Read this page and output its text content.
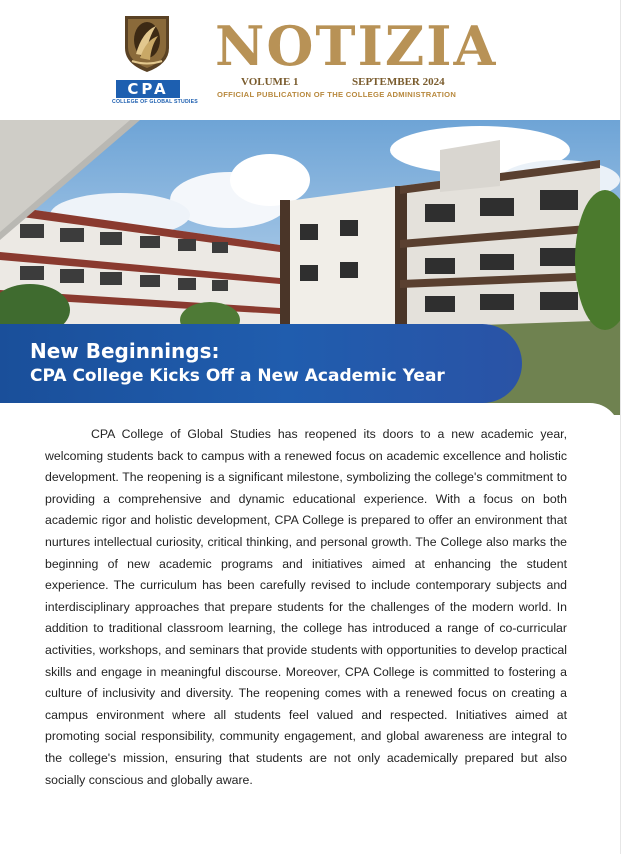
CPA
COLLEGE OF GLOBAL STUDIES
NOTIZIA
VOLUME 1	SEPTEMBER 2024
OFFICIAL PUBLICATION OF THE COLLEGE ADMINISTRATION
New Beginnings:
CPA College Kicks Off a New Academic Year

CPA College of Global Studies has reopened its doors to a new academic year, welcoming students back to campus with a renewed focus on academic excellence and holistic development. The reopening is a significant milestone, symbolizing the college's commitment to providing a comprehensive and dynamic educational experience. With a focus on both academic rigor and holistic development, CPA College is prepared to offer an environment that nurtures intellectual curiosity, critical thinking, and personal growth. The College also marks the beginning of new academic programs and initiatives aimed at enhancing the student experience. The curriculum has been carefully revised to include contemporary subjects and interdisciplinary approaches that prepare students for the challenges of the modern world. In addition to traditional classroom learning, the college has introduced a range of co-curricular activities, workshops, and seminars that provide students with opportunities to develop practical skills and engage in meaningful discourse. Moreover, CPA College is committed to fostering a culture of inclusivity and diversity. The reopening comes with a renewed focus on creating a campus environment where all students feel valued and respected. Initiatives aimed at promoting social responsibility, community engagement, and global awareness are integral to the college's mission, ensuring that students are not only academically prepared but also socially conscious and globally aware.
